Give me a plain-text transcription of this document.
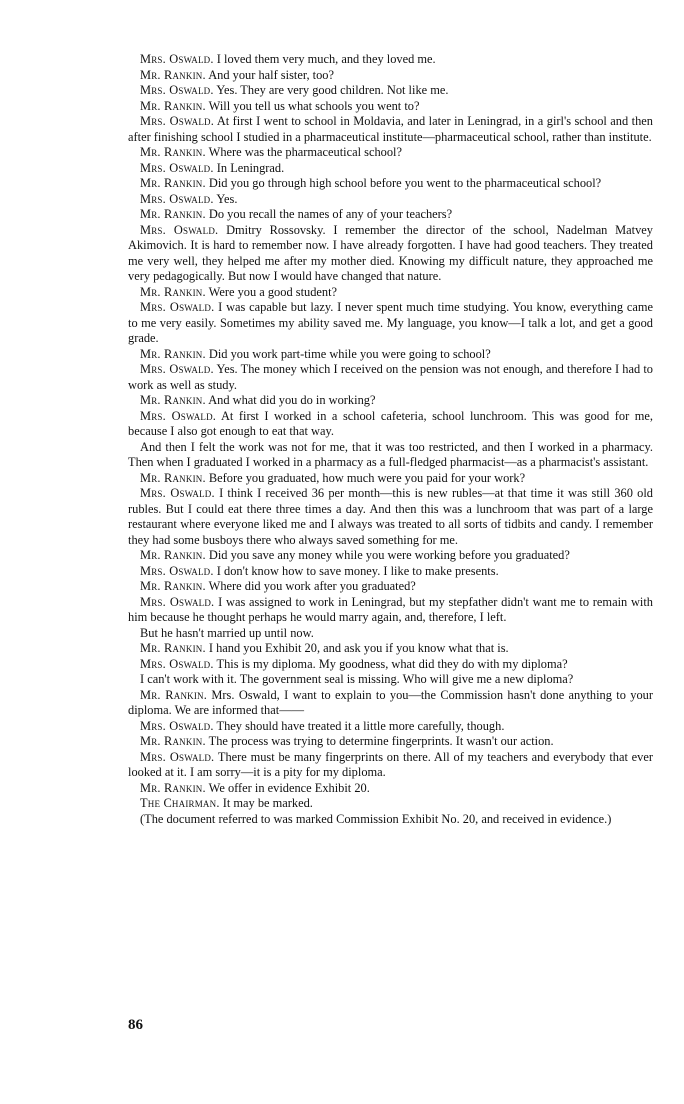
Mrs. Oswald. I loved them very much, and they loved me.

Mr. Rankin. And your half sister, too?

Mrs. Oswald. Yes. They are very good children. Not like me.

Mr. Rankin. Will you tell us what schools you went to?

Mrs. Oswald. At first I went to school in Moldavia, and later in Leningrad, in a girl's school and then after finishing school I studied in a pharmaceutical institute—pharmaceutical school, rather than institute.

Mr. Rankin. Where was the pharmaceutical school?

Mrs. Oswald. In Leningrad.

Mr. Rankin. Did you go through high school before you went to the pharmaceutical school?

Mrs. Oswald. Yes.

Mr. Rankin. Do you recall the names of any of your teachers?

Mrs. Oswald. Dmitry Rossovsky. I remember the director of the school, Nadelman Matvey Akimovich. It is hard to remember now. I have already forgotten. I have had good teachers. They treated me very well, they helped me after my mother died. Knowing my difficult nature, they approached me very pedagogically. But now I would have changed that nature.

Mr. Rankin. Were you a good student?

Mrs. Oswald. I was capable but lazy. I never spent much time studying. You know, everything came to me very easily. Sometimes my ability saved me. My language, you know—I talk a lot, and get a good grade.

Mr. Rankin. Did you work part-time while you were going to school?

Mrs. Oswald. Yes. The money which I received on the pension was not enough, and therefore I had to work as well as study.

Mr. Rankin. And what did you do in working?

Mrs. Oswald. At first I worked in a school cafeteria, school lunchroom. This was good for me, because I also got enough to eat that way.

And then I felt the work was not for me, that it was too restricted, and then I worked in a pharmacy. Then when I graduated I worked in a pharmacy as a full-fledged pharmacist—as a pharmacist's assistant.

Mr. Rankin. Before you graduated, how much were you paid for your work?

Mrs. Oswald. I think I received 36 per month—this is new rubles—at that time it was still 360 old rubles. But I could eat there three times a day. And then this was a lunchroom that was part of a large restaurant where everyone liked me and I always was treated to all sorts of tidbits and candy. I remember they had some busboys there who always saved something for me.

Mr. Rankin. Did you save any money while you were working before you graduated?

Mrs. Oswald. I don't know how to save money. I like to make presents.

Mr. Rankin. Where did you work after you graduated?

Mrs. Oswald. I was assigned to work in Leningrad, but my stepfather didn't want me to remain with him because he thought perhaps he would marry again, and, therefore, I left.

But he hasn't married up until now.

Mr. Rankin. I hand you Exhibit 20, and ask you if you know what that is.

Mrs. Oswald. This is my diploma. My goodness, what did they do with my diploma?

I can't work with it. The government seal is missing. Who will give me a new diploma?

Mr. Rankin. Mrs. Oswald, I want to explain to you—the Commission hasn't done anything to your diploma. We are informed that——

Mrs. Oswald. They should have treated it a little more carefully, though.

Mr. Rankin. The process was trying to determine fingerprints. It wasn't our action.

Mrs. Oswald. There must be many fingerprints on there. All of my teachers and everybody that ever looked at it. I am sorry—it is a pity for my diploma.

Mr. Rankin. We offer in evidence Exhibit 20.

The Chairman. It may be marked.

(The document referred to was marked Commission Exhibit No. 20, and received in evidence.)

86
